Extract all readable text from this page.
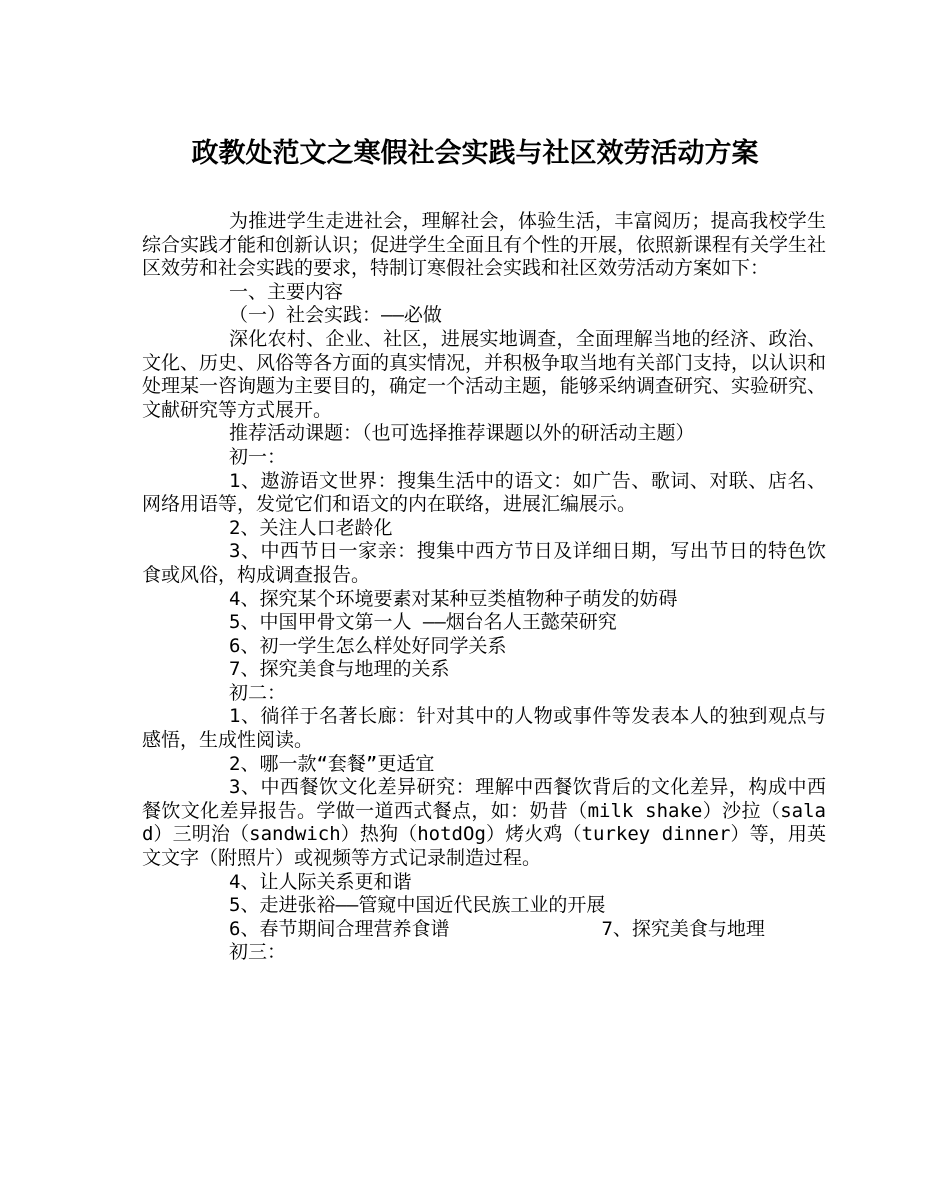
政教处范文之寒假社会实践与社区效劳活动方案

为推进学生走进社会，理解社会，体验生活，丰富阅历；提高我校学生综合实践才能和创新认识；促进学生全面且有个性的开展，依照新课程有关学生社区效劳和社会实践的要求，特制订寒假社会实践和社区效劳活动方案如下：

一、主要内容

（一）社会实践：——必做

深化农村、企业、社区，进展实地调查，全面理解当地的经济、政治、文化、历史、风俗等各方面的真实情况，并积极争取当地有关部门支持，以认识和处理某一咨询题为主要目的，确定一个活动主题，能够采纳调查研究、实验研究、文献研究等方式展开。

推荐活动课题：（也可选择推荐课题以外的研活动主题）

初一：

1、遨游语文世界：搜集生活中的语文：如广告、歌词、对联、店名、网络用语等，发觉它们和语文的内在联络，进展汇编展示。

2、关注人口老龄化

3、中西节日一家亲：搜集中西方节日及详细日期，写出节日的特色饮食或风俗，构成调查报告。

4、探究某个环境要素对某种豆类植物种子萌发的妨碍

5、中国甲骨文第一人 ——烟台名人王懿荣研究

6、初一学生怎么样处好同学关系

7、探究美食与地理的关系

初二：

1、徜徉于名著长廊：针对其中的人物或事件等发表本人的独到观点与感悟，生成性阅读。

2、哪一款“套餐”更适宜

3、中西餐饮文化差异研究：理解中西餐饮背后的文化差异，构成中西餐饮文化差异报告。学做一道西式餐点，如：奶昔（milk shake）沙拉（salad）三明治（sandwich）热狗（hotdOg）烤火鸡（turkey dinner）等，用英文文字（附照片）或视频等方式记录制造过程。

4、让人际关系更和谐

5、走进张裕——管窥中国近代民族工业的开展

6、春节期间合理营养食谱　　　　　　　　7、探究美食与地理

初三：
